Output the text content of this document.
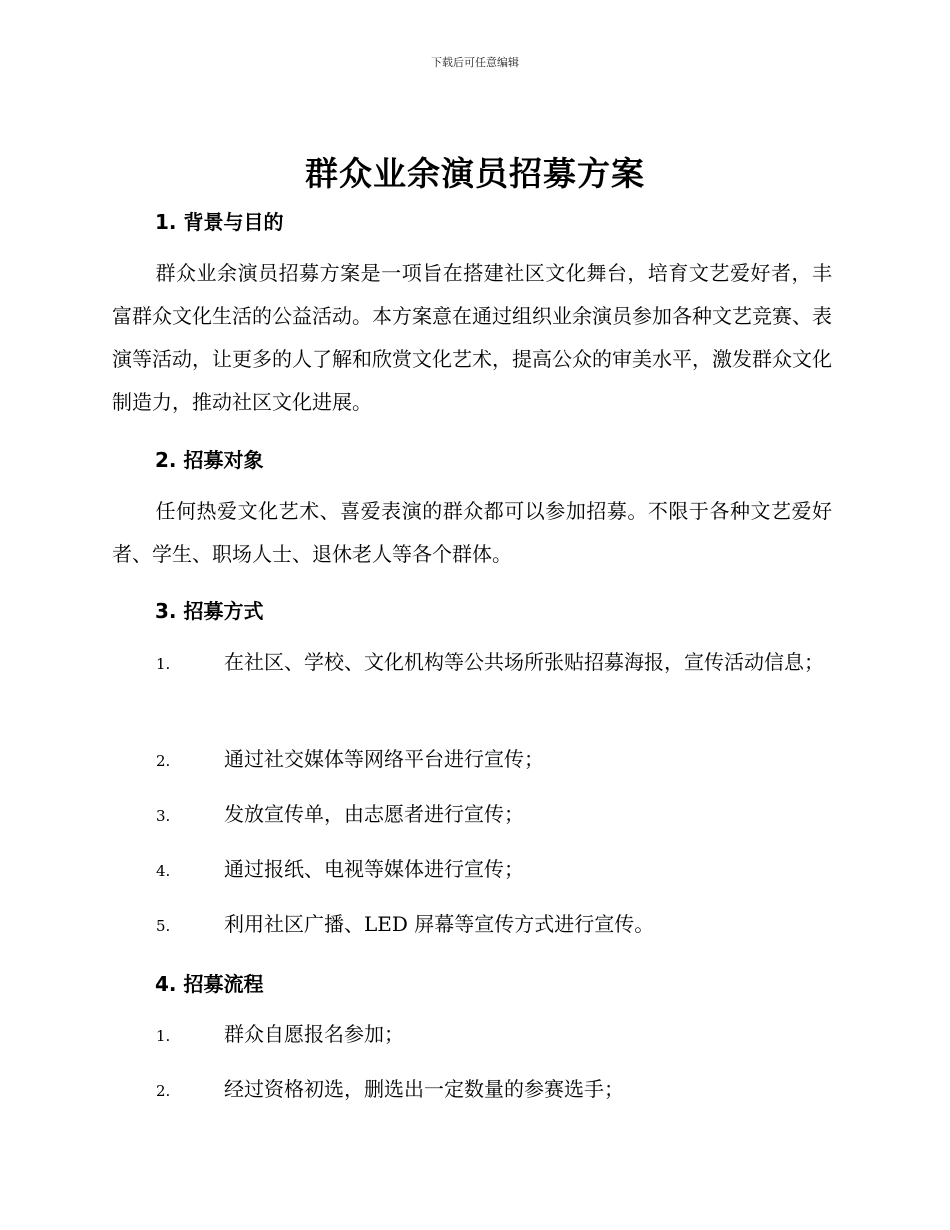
下载后可任意编辑
群众业余演员招募方案
1. 背景与目的
群众业余演员招募方案是一项旨在搭建社区文化舞台，培育文艺爱好者，丰富群众文化生活的公益活动。本方案意在通过组织业余演员参加各种文艺竞赛、表演等活动，让更多的人了解和欣赏文化艺术，提高公众的审美水平，激发群众文化制造力，推动社区文化进展。
2. 招募对象
任何热爱文化艺术、喜爱表演的群众都可以参加招募。不限于各种文艺爱好者、学生、职场人士、退休老人等各个群体。
3. 招募方式
1.	在社区、学校、文化机构等公共场所张贴招募海报，宣传活动信息；
2.	通过社交媒体等网络平台进行宣传；
3.	发放宣传单，由志愿者进行宣传；
4.	通过报纸、电视等媒体进行宣传；
5.	利用社区广播、LED 屏幕等宣传方式进行宣传。
4. 招募流程
1.	群众自愿报名参加；
2.	经过资格初选，删选出一定数量的参赛选手；
